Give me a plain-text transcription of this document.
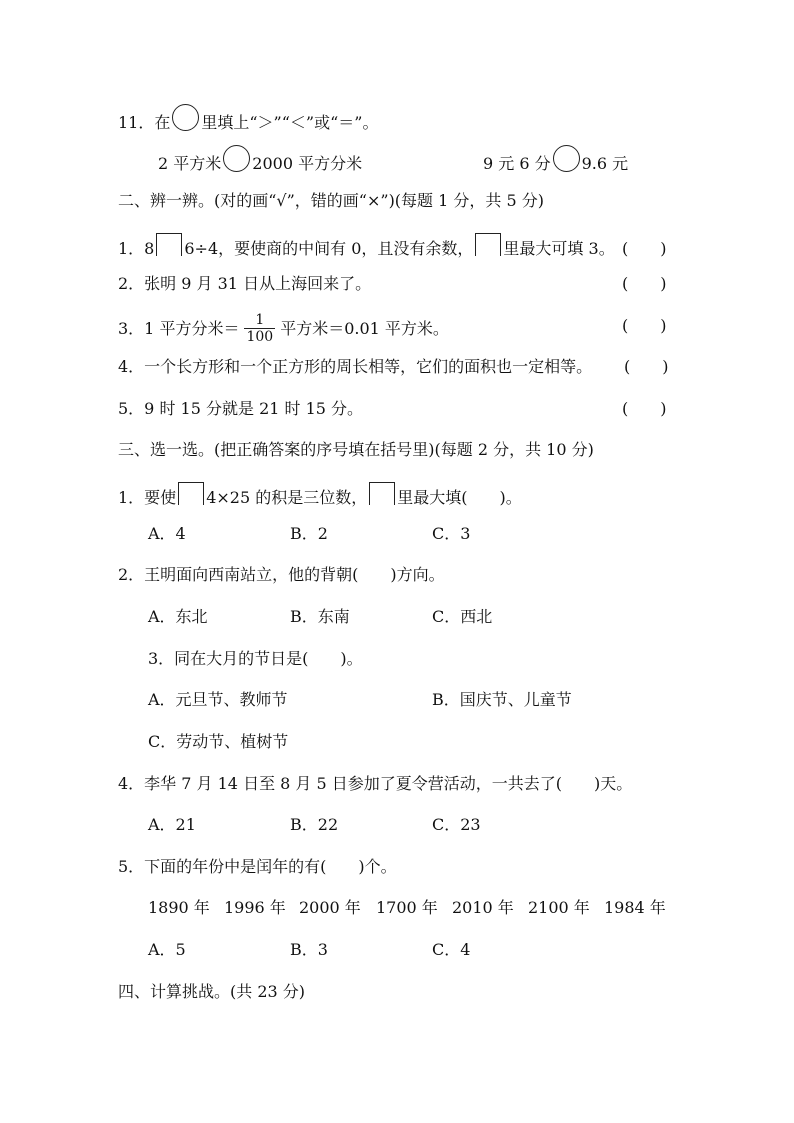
11．在 里填上“＞”“＜”或“＝”。
2 平方米 2000 平方分米	9 元 6 分 9.6 元
二、辨一辨。(对的画“√”，错的画“×”)(每题 1 分，共 5 分)
1．8 6÷4，要使商的中间有 0，且没有余数， 里最大可填 3。 (　　)
2．张明 9 月 31 日从上海回来了。	(　　)
3．1 平方分米＝ $\frac{1}{100}$ 平方米＝0.01 平方米。	(　　)
4．一个长方形和一个正方形的周长相等，它们的面积也一定相等。 (　　)
5．9 时 15 分就是 21 时 15 分。	(　　)
三、选一选。(把正确答案的序号填在括号里)(每题 2 分，共 10 分)
1．要使 4×25 的积是三位数， 里最大填(　　)。
A．4	B．2	C．3
2．王明面向西南站立，他的背朝(　　)方向。
A．东北	B．东南	C．西北
3．同在大月的节日是(　　)。
A．元旦节、教师节	B．国庆节、儿童节
C．劳动节、植树节
4．李华 7 月 14 日至 8 月 5 日参加了夏令营活动，一共去了(　　)天。
A．21	B．22	C．23
5．下面的年份中是闰年的有(　　)个。
1890 年 1996 年 2000 年 1700 年 2010 年 2100 年 1984 年
A．5	B．3	C．4
四、计算挑战。(共 23 分)
